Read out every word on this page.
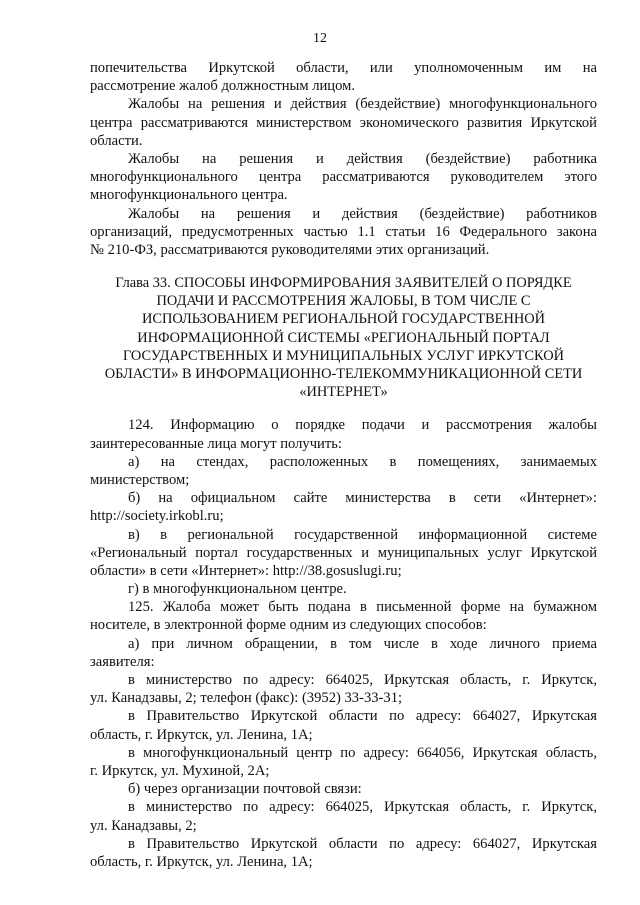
12
попечительства Иркутской области, или уполномоченным им на
рассмотрение жалоб должностным лицом.
Жалобы на решения и действия (бездействие) многофункционального
центра рассматриваются министерством экономического развития Иркутской
области.
Жалобы на решения и действия (бездействие) работника
многофункционального центра рассматриваются руководителем этого
многофункционального центра.
Жалобы на решения и действия (бездействие) работников
организаций, предусмотренных частью 1.1 статьи 16 Федерального закона
№ 210-ФЗ, рассматриваются руководителями этих организаций.
Глава 33. СПОСОБЫ ИНФОРМИРОВАНИЯ ЗАЯВИТЕЛЕЙ О ПОРЯДКЕ
ПОДАЧИ И РАССМОТРЕНИЯ ЖАЛОБЫ, В ТОМ ЧИСЛЕ С
ИСПОЛЬЗОВАНИЕМ РЕГИОНАЛЬНОЙ ГОСУДАРСТВЕННОЙ
ИНФОРМАЦИОННОЙ СИСТЕМЫ «РЕГИОНАЛЬНЫЙ ПОРТАЛ
ГОСУДАРСТВЕННЫХ И МУНИЦИПАЛЬНЫХ УСЛУГ ИРКУТСКОЙ
ОБЛАСТИ» В ИНФОРМАЦИОННО-ТЕЛЕКОММУНИКАЦИОННОЙ СЕТИ
«ИНТЕРНЕТ»
124. Информацию о порядке подачи и рассмотрения жалобы
заинтересованные лица могут получить:
а) на стендах, расположенных в помещениях, занимаемых
министерством;
б) на официальном сайте министерства в сети «Интернет»:
http://society.irkobl.ru;
в) в региональной государственной информационной системе
«Региональный портал государственных и муниципальных услуг Иркутской
области» в сети «Интернет»: http://38.gosuslugi.ru;
г) в многофункциональном центре.
125. Жалоба может быть подана в письменной форме на бумажном
носителе, в электронной форме одним из следующих способов:
а) при личном обращении, в том числе в ходе личного приема
заявителя:
в министерство по адресу: 664025, Иркутская область, г. Иркутск,
ул. Канадзавы, 2; телефон (факс): (3952) 33-33-31;
в Правительство Иркутской области по адресу: 664027, Иркутская
область, г. Иркутск, ул. Ленина, 1А;
в многофункциональный центр по адресу: 664056, Иркутская область,
г. Иркутск, ул. Мухиной, 2А;
б) через организации почтовой связи:
в министерство по адресу: 664025, Иркутская область, г. Иркутск,
ул. Канадзавы, 2;
в Правительство Иркутской области по адресу: 664027, Иркутская
область, г. Иркутск, ул. Ленина, 1А;
